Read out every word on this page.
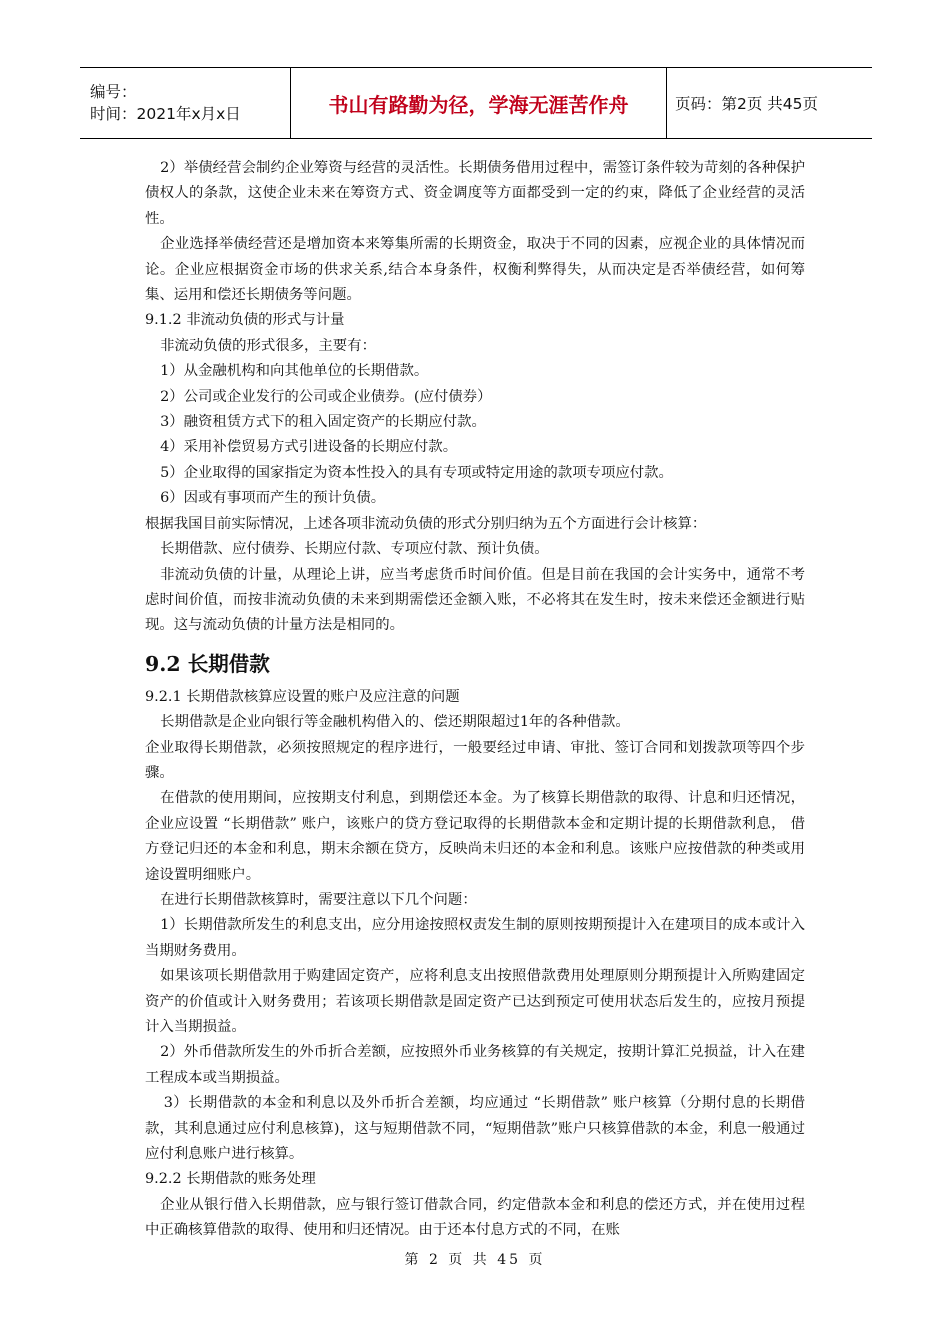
编号：
时间：2021年x月x日	书山有路勤为径，学海无涯苦作舟	页码：第2页 共45页

2）举债经营会制约企业筹资与经营的灵活性。长期债务借用过程中，需签订条件较为苛刻的各种保护债权人的条款，这使企业未来在筹资方式、资金调度等方面都受到一定的约束，降低了企业经营的灵活性。

企业选择举债经营还是增加资本来筹集所需的长期资金，取决于不同的因素，应视企业的具体情况而论。企业应根据资金市场的供求关系,结合本身条件，权衡利弊得失，从而决定是否举债经营，如何筹集、运用和偿还长期债务等问题。

9.1.2 非流动负债的形式与计量

非流动负债的形式很多，主要有：

1）从金融机构和向其他单位的长期借款。

2）公司或企业发行的公司或企业债券。(应付债券）

3）融资租赁方式下的租入固定资产的长期应付款。

4）采用补偿贸易方式引进设备的长期应付款。

5）企业取得的国家指定为资本性投入的具有专项或特定用途的款项专项应付款。

6）因或有事项而产生的预计负债。

根据我国目前实际情况，上述各项非流动负债的形式分别归纳为五个方面进行会计核算：

长期借款、应付债券、长期应付款、专项应付款、预计负债。

非流动负债的计量，从理论上讲，应当考虑货币时间价值。但是目前在我国的会计实务中，通常不考虑时间价值，而按非流动负债的未来到期需偿还金额入账，不必将其在发生时，按未来偿还金额进行贴现。这与流动负债的计量方法是相同的。

9.2 长期借款

9.2.1 长期借款核算应设置的账户及应注意的问题

长期借款是企业向银行等金融机构借入的、偿还期限超过1年的各种借款。

企业取得长期借款，必须按照规定的程序进行，一般要经过申请、审批、签订合同和划拨款项等四个步骤。

在借款的使用期间，应按期支付利息，到期偿还本金。为了核算长期借款的取得、计息和归还情况，企业应设置 “长期借款” 账户，该账户的贷方登记取得的长期借款本金和定期计提的长期借款利息， 借方登记归还的本金和利息，期末余额在贷方，反映尚未归还的本金和利息。该账户应按借款的种类或用途设置明细账户。

在进行长期借款核算时，需要注意以下几个问题：

1）长期借款所发生的利息支出，应分用途按照权责发生制的原则按期预提计入在建项目的成本或计入当期财务费用。

如果该项长期借款用于购建固定资产，应将利息支出按照借款费用处理原则分期预提计入所购建固定资产的价值或计入财务费用；若该项长期借款是固定资产已达到预定可使用状态后发生的，应按月预提计入当期损益。

2）外币借款所发生的外币折合差额，应按照外币业务核算的有关规定，按期计算汇兑损益，计入在建工程成本或当期损益。

3）长期借款的本金和利息以及外币折合差额，均应通过 “长期借款” 账户核算（分期付息的长期借款，其利息通过应付利息核算)，这与短期借款不同，“短期借款”账户只核算借款的本金，利息一般通过应付利息账户进行核算。

9.2.2 长期借款的账务处理

企业从银行借入长期借款，应与银行签订借款合同，约定借款本金和利息的偿还方式，并在使用过程中正确核算借款的取得、使用和归还情况。由于还本付息方式的不同，在账

第 2 页 共 45 页
